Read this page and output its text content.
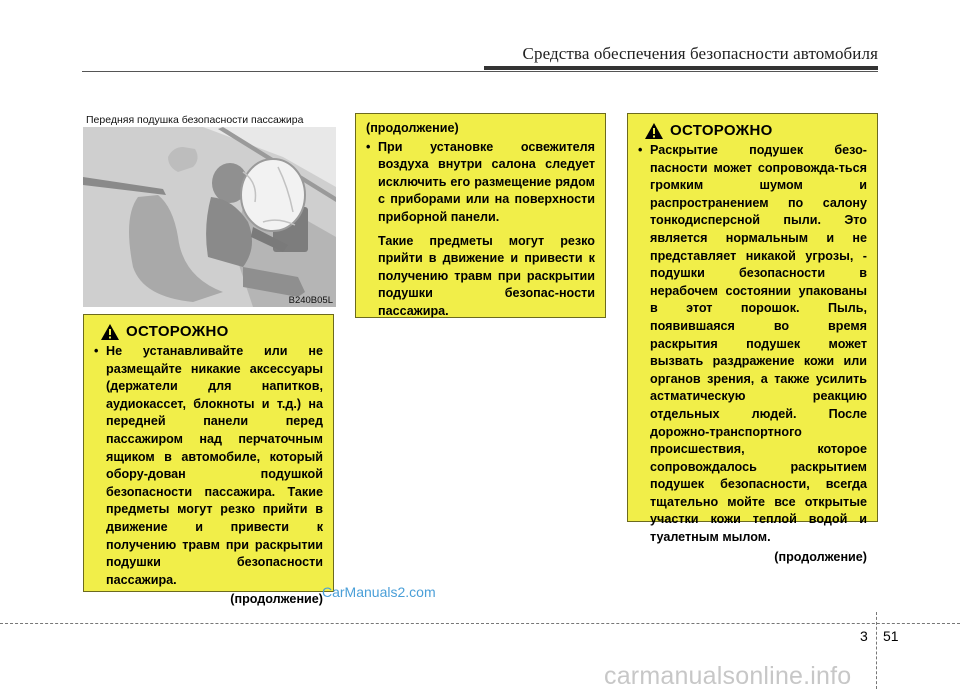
Средства обеспечения безопасности автомобиля
Передняя подушка безопасности пассажира
B240B05L
ОСТОРОЖНО
• Не устанавливайте или не размещайте никакие аксессуары (держатели для напитков, аудиокассет, блокноты и т.д.) на передней панели перед пассажиром над перчаточным ящиком в автомобиле, который обору-дован подушкой безопасности пассажира. Такие предметы могут резко прийти в движение и привести к получению травм при раскрытии подушки безопасности пассажира.
(продолжение)
(продолжение)
• При установке освежителя воздуха внутри салона следует исключить его размещение рядом с приборами или на поверхности приборной панели.
Такие предметы могут резко прийти в движение и привести к получению травм при раскрытии подушки безопас-ности пассажира.
ОСТОРОЖНО
• Раскрытие подушек безо-пасности может сопровожда-ться громким шумом и распространением по салону тонкодисперсной пыли. Это является нормальным и не представляет никакой угрозы, - подушки безопасности в нерабочем состоянии упакованы в этот порошок. Пыль, появившаяся во время раскрытия подушек может вызвать раздражение кожи или органов зрения, а также усилить астматическую реакцию отдельных людей. После дорожно-транспортного происшествия, которое сопровождалось раскрытием подушек безопасности, всегда тщательно мойте все открытые участки кожи теплой водой и туалетным мылом.
(продолжение)
CarManuals2.com
3 51
carmanualsonline.info
